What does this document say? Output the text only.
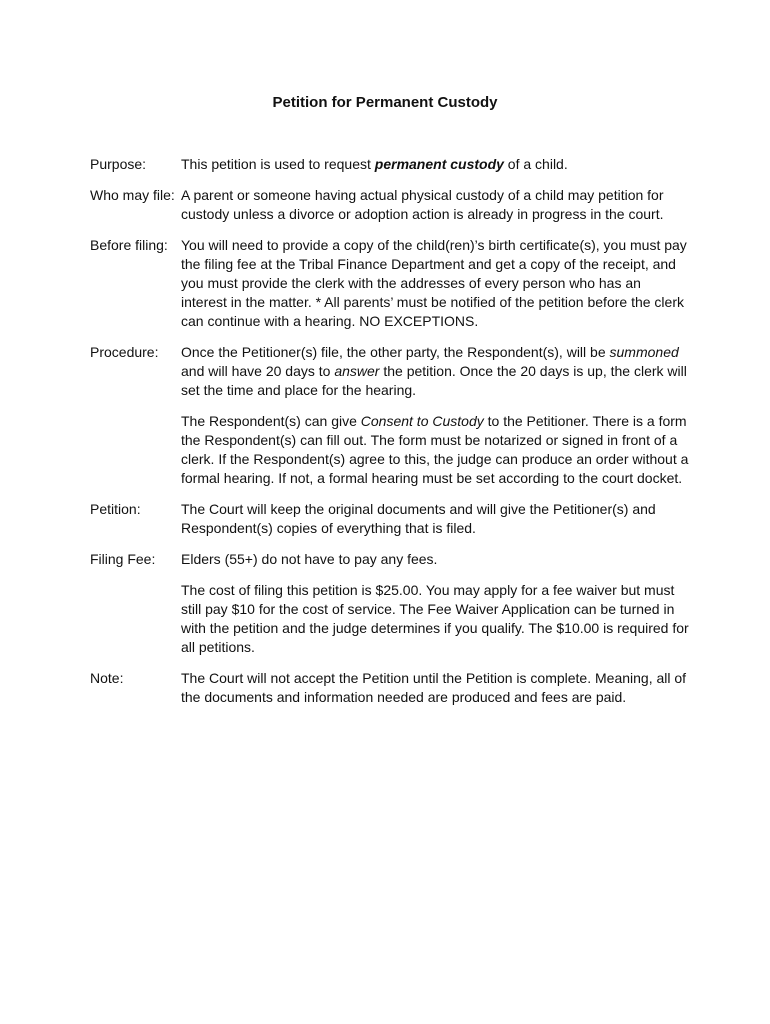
Petition for Permanent Custody
Purpose:	This petition is used to request permanent custody of a child.

Who may file: A parent or someone having actual physical custody of a child may petition for custody unless a divorce or adoption action is already in progress in the court.

Before filing: You will need to provide a copy of the child(ren)’s birth certificate(s), you must pay the filing fee at the Tribal Finance Department and get a copy of the receipt, and you must provide the clerk with the addresses of every person who has an interest in the matter. * All parents’ must be notified of the petition before the clerk can continue with a hearing. NO EXCEPTIONS.

Procedure:	Once the Petitioner(s) file, the other party, the Respondent(s), will be summoned and will have 20 days to answer the petition. Once the 20 days is up, the clerk will set the time and place for the hearing.

The Respondent(s) can give Consent to Custody to the Petitioner. There is a form the Respondent(s) can fill out. The form must be notarized or signed in front of a clerk. If the Respondent(s) agree to this, the judge can produce an order without a formal hearing. If not, a formal hearing must be set according to the court docket.

Petition:	The Court will keep the original documents and will give the Petitioner(s) and Respondent(s) copies of everything that is filed.

Filing Fee:	Elders (55+) do not have to pay any fees.

The cost of filing this petition is $25.00. You may apply for a fee waiver but must still pay $10 for the cost of service. The Fee Waiver Application can be turned in with the petition and the judge determines if you qualify. The $10.00 is required for all petitions.

Note:	The Court will not accept the Petition until the Petition is complete. Meaning, all of the documents and information needed are produced and fees are paid.
